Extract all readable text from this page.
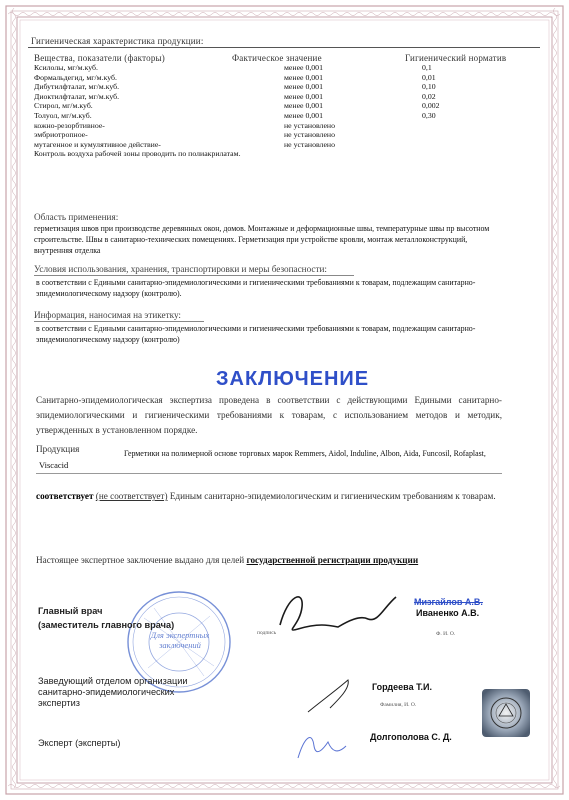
Гигиеническая характеристика продукции:
Вещества, показатели (факторы)	Фактическое значение	Гигиенический норматив
Ксилолы, мг/м.куб.	менее 0,001	0,1
Формальдегид, мг/м.куб.	менее 0,001	0,01
Дибутилфталат, мг/м.куб.	менее 0,001	0,10
Диоктилфталат, мг/м.куб.	менее 0,001	0,02
Стирол, мг/м.куб.	менее 0,001	0,002
Толуол, мг/м.куб.	менее 0,001	0,30
кожно-резорбтивное-	не установлено
эмбриотропное-	не установлено
мутагенное и кумулятивное действие-	не установлено
Контроль воздуха рабочей зоны проводить по полиакрилатам.
Область применения:
герметизация швов при производстве деревянных окон, домов. Монтажные и деформационные швы, температурные швы пр высотном строительстве. Швы в санитарно-технических помещениях. Герметизация при устройстве кровли, монтаж металлоконструкций, внутренняя отделка
Условия использования, хранения, транспортировки и меры безопасности:
в соответствии с Едиными санитарно-эпидемиологическими и гигиеническими требованиями к товарам, подлежащим санитарно-эпидемиологическому надзору (контролю).
Информация, наносимая на этикетку:
в соответствии с Едиными санитарно-эпидемиологическими и гигиеническими требованиями к товарам, подлежащим санитарно-эпидемиологическому надзору (контролю)
ЗАКЛЮЧЕНИЕ
Санитарно-эпидемиологическая экспертиза проведена в соответствии с действующими Едиными санитарно-эпидемиологическими и гигиеническими требованиями к товарам, с использованием методов и методик, утвержденных в установленном порядке.
Продукция	Герметики на полимерной основе торговых марок Remmers, Aidol, Induline, Albon, Aida, Funcosil, Rofaplast,
Viscacid
соответствует (не соответствует) Единым санитарно-эпидемиологическим и гигиеническим требованиям к товарам.
Настоящее экспертное заключение выдано для целей государственной регистрации продукции
Для экспертных заключений
Главный врач
(заместитель главного врача)
подпись
Мизгайлов А.В.
Иваненко А.В.
Ф. И. О.
Заведующий отделом организации
санитарно-эпидемиологических
экспертиз
Гордеева Т.И.
Фамилия, И. О.
Эксперт (эксперты)
Долгополова С. Д.
